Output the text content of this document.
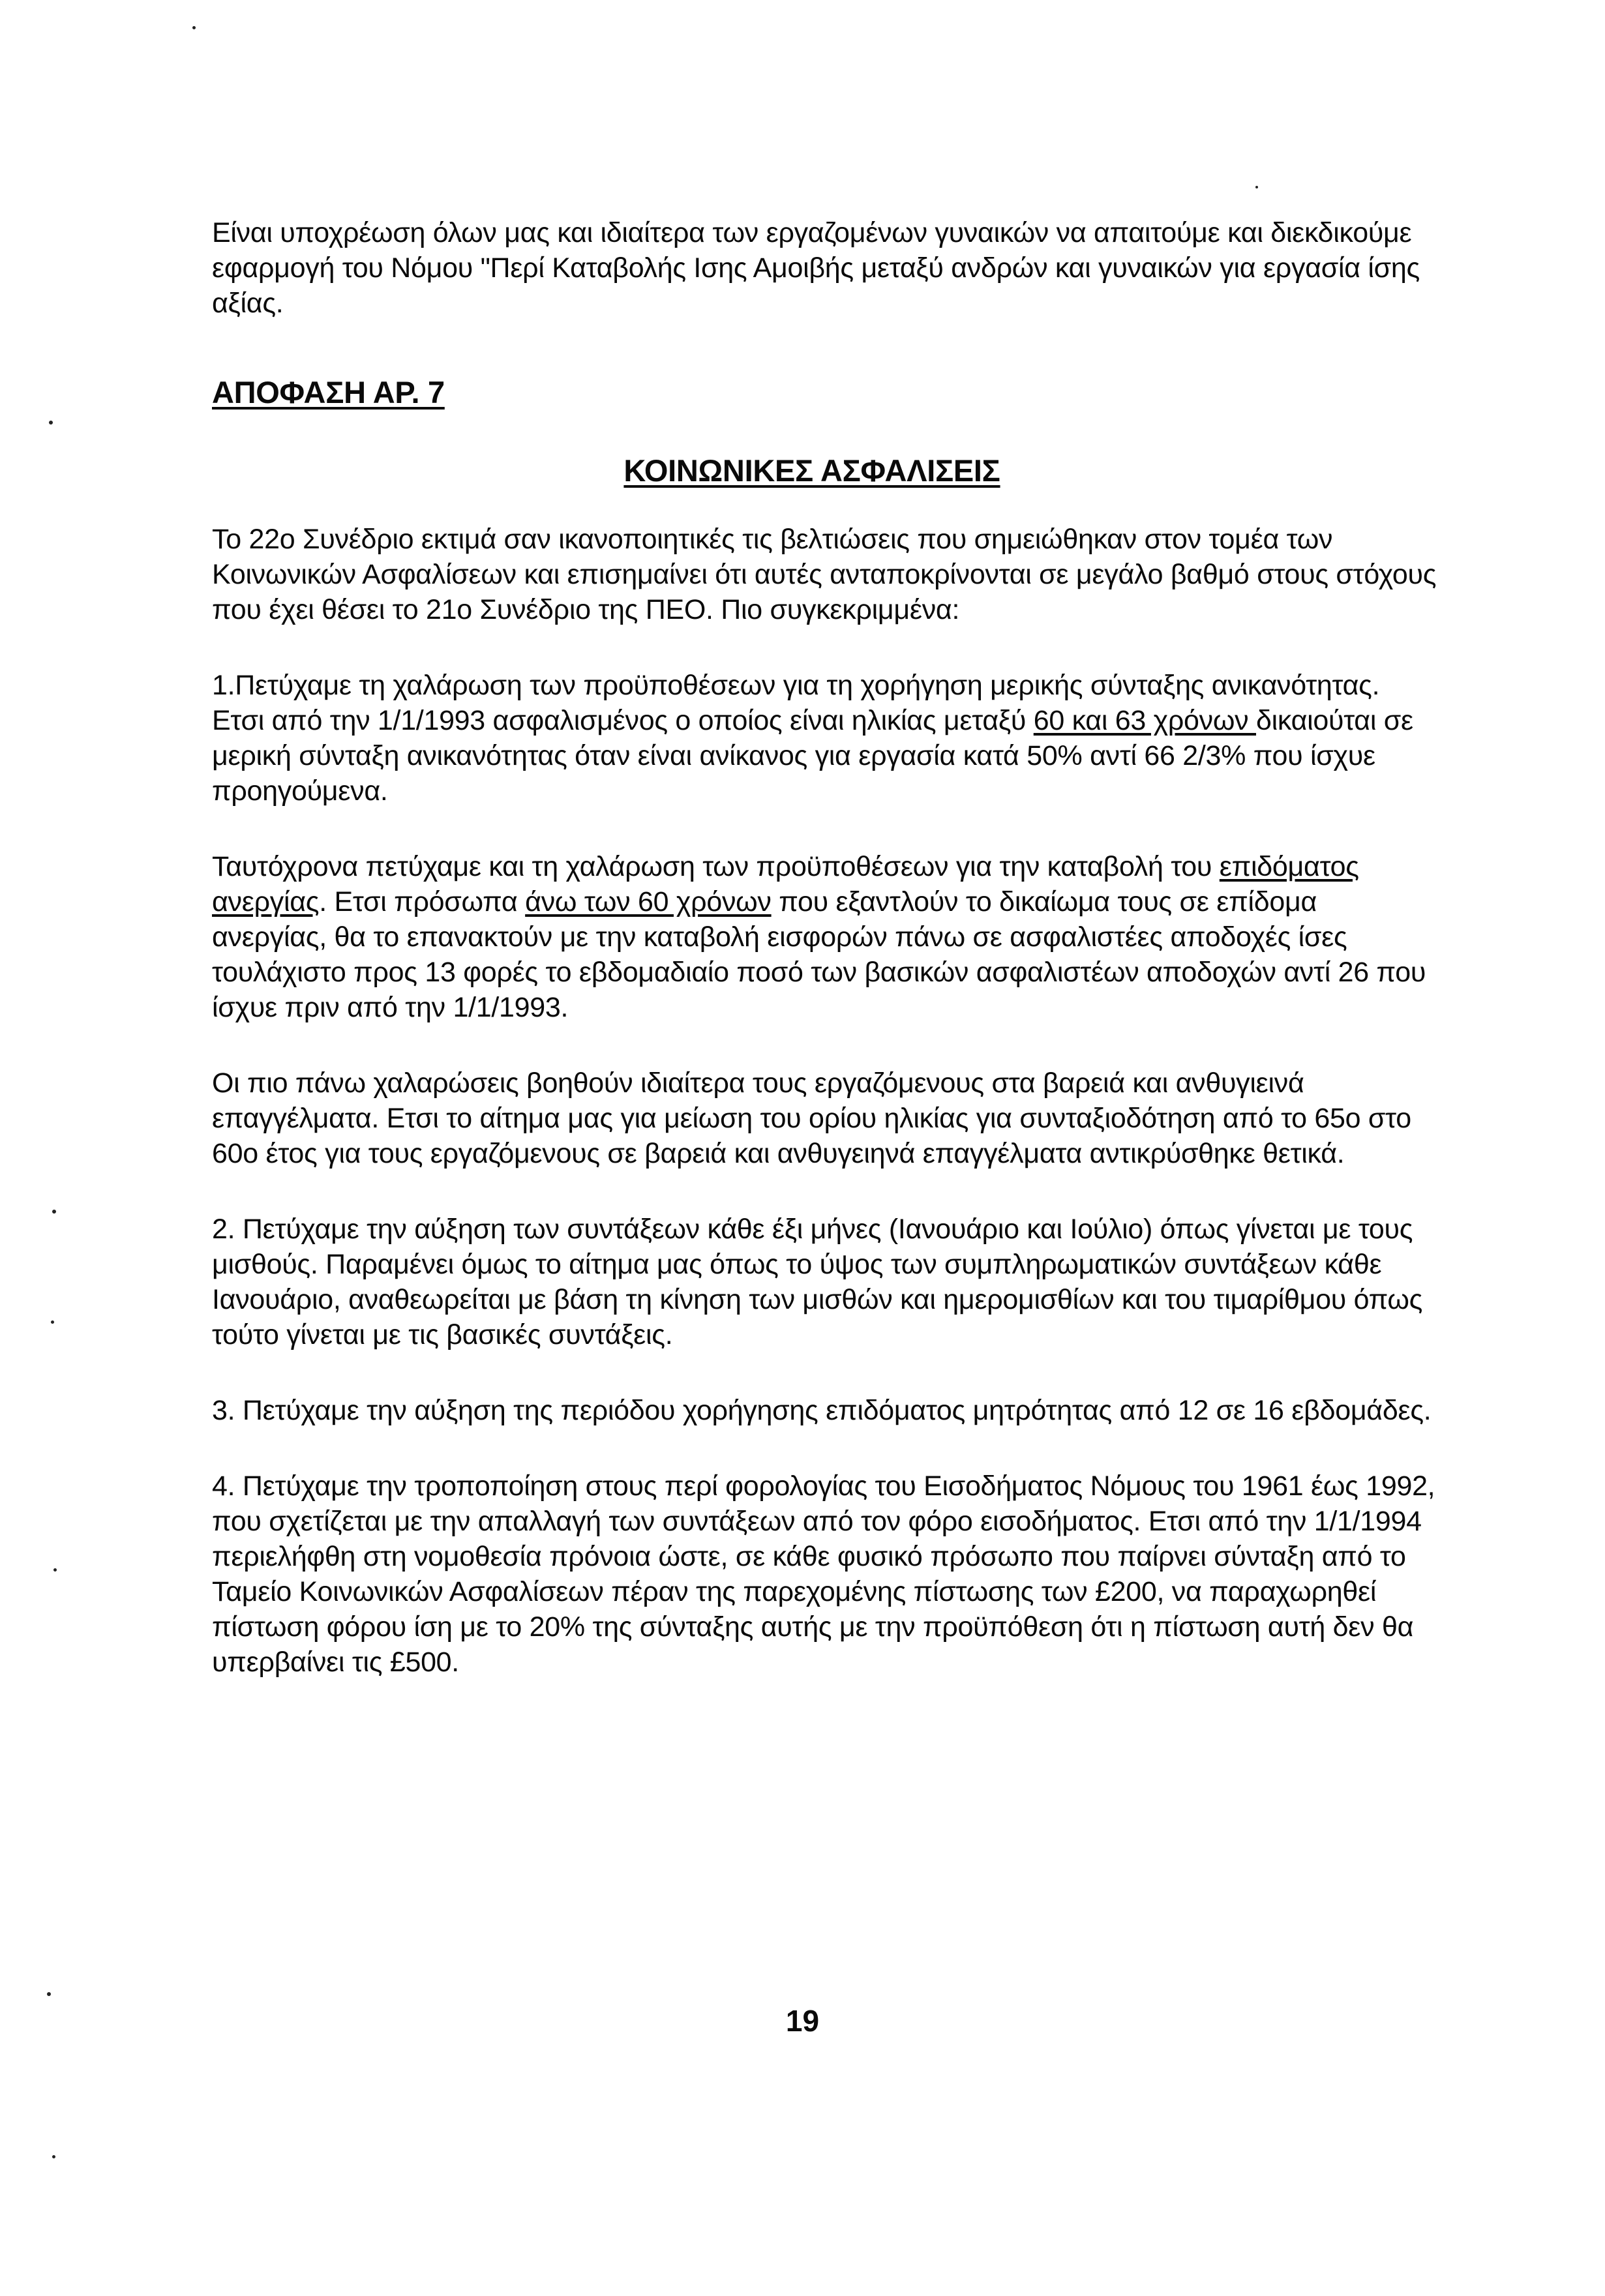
Είναι υποχρέωση όλων μας και ιδιαίτερα των εργαζομένων γυναικών να απαιτούμε και διεκδικούμε εφαρμογή του Νόμου "Περί Καταβολής Ισης Αμοιβής μεταξύ ανδρών και γυναικών για εργασία ίσης αξίας.

ΑΠΟΦΑΣΗ ΑΡ. 7

ΚΟΙΝΩΝΙΚΕΣ ΑΣΦΑΛΙΣΕΙΣ

Το 22ο Συνέδριο εκτιμά σαν ικανοποιητικές τις βελτιώσεις που σημειώθηκαν στον τομέα των Κοινωνικών Ασφαλίσεων και επισημαίνει ότι αυτές ανταποκρίνονται σε μεγάλο βαθμό στους στόχους που έχει θέσει το 21ο Συνέδριο της ΠΕΟ. Πιο συγκεκριμμένα:

1.Πετύχαμε τη χαλάρωση των προϋποθέσεων για τη χορήγηση μερικής σύνταξης ανικανότητας. Ετσι από την 1/1/1993 ασφαλισμένος ο οποίος είναι ηλικίας μεταξύ 60 και 63 χρόνων δικαιούται σε μερική σύνταξη ανικανότητας όταν είναι ανίκανος για εργασία κατά 50% αντί 66 2/3% που ίσχυε προηγούμενα.

Ταυτόχρονα πετύχαμε και τη χαλάρωση των προϋποθέσεων για την καταβολή του επιδόματος ανεργίας. Ετσι πρόσωπα άνω των 60 χρόνων που εξαντλούν το δικαίωμα τους σε επίδομα ανεργίας, θα το επανακτούν με την καταβολή εισφορών πάνω σε ασφαλιστέες αποδοχές ίσες τουλάχιστο προς 13 φορές το εβδομαδιαίο ποσό των βασικών ασφαλιστέων αποδοχών αντί 26 που ίσχυε πριν από την 1/1/1993.

Οι πιο πάνω χαλαρώσεις βοηθούν ιδιαίτερα τους εργαζόμενους στα βαρειά και ανθυγιεινά επαγγέλματα. Ετσι το αίτημα μας για μείωση του ορίου ηλικίας για συνταξιοδότηση από το 65ο στο 60ο έτος για τους εργαζόμενους σε βαρειά και ανθυγειηνά επαγγέλματα αντικρύσθηκε θετικά.

2. Πετύχαμε την αύξηση των συντάξεων κάθε έξι μήνες (Ιανουάριο και Ιούλιο) όπως γίνεται με τους μισθούς. Παραμένει όμως το αίτημα μας όπως το ύψος των συμπληρωματικών συντάξεων κάθε Ιανουάριο, αναθεωρείται με βάση τη κίνηση των μισθών και ημερομισθίων και του τιμαρίθμου όπως τούτο γίνεται με τις βασικές συντάξεις.

3. Πετύχαμε την αύξηση της περιόδου χορήγησης επιδόματος μητρότητας από 12 σε 16 εβδομάδες.

4. Πετύχαμε την τροποποίηση στους περί φορολογίας του Εισοδήματος Νόμους του 1961 έως 1992, που σχετίζεται με την απαλλαγή των συντάξεων από τον φόρο εισοδήματος. Ετσι από την 1/1/1994 περιελήφθη στη νομοθεσία πρόνοια ώστε, σε κάθε φυσικό πρόσωπο που παίρνει σύνταξη από το Ταμείο Κοινωνικών Ασφαλίσεων πέραν της παρεχομένης πίστωσης των £200, να παραχωρηθεί πίστωση φόρου ίση με το 20% της σύνταξης αυτής με την προϋπόθεση ότι η πίστωση αυτή δεν θα υπερβαίνει τις £500.

19
